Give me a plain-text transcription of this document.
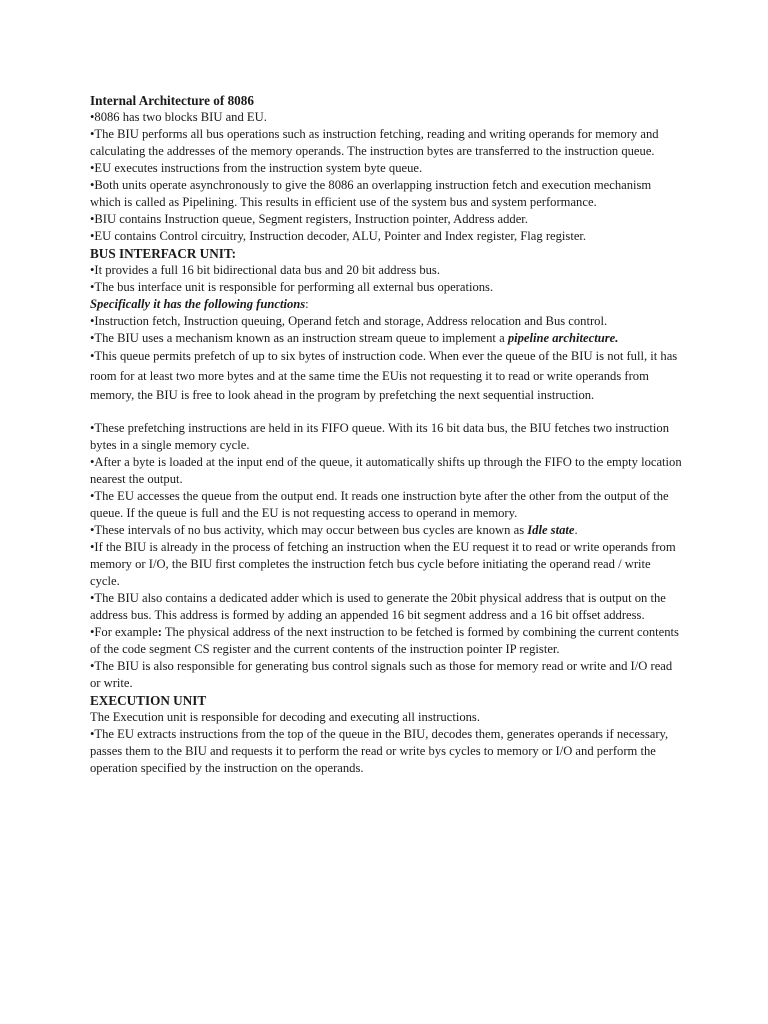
Internal Architecture of 8086

•8086 has two blocks BIU and EU.

•The BIU performs all bus operations such as instruction fetching, reading and writing operands for memory and calculating the addresses of the memory operands. The instruction bytes are transferred to the instruction queue.

•EU executes instructions from the instruction system byte queue.

•Both units operate asynchronously to give the 8086 an overlapping instruction fetch and execution mechanism which is called as Pipelining. This results in efficient use of the system bus and system performance.

•BIU contains Instruction queue, Segment registers, Instruction pointer, Address adder.

•EU contains Control circuitry, Instruction decoder, ALU, Pointer and Index register, Flag register.

BUS INTERFACR UNIT:

•It provides a full 16 bit bidirectional data bus and 20 bit address bus.

•The bus interface unit is responsible for performing all external bus operations.

Specifically it has the following functions:

•Instruction fetch, Instruction queuing, Operand fetch and storage, Address relocation and Bus control.

•The BIU uses a mechanism known as an instruction stream queue to implement a pipeline architecture.

•This queue permits prefetch of up to six bytes of instruction code. When ever the queue of the BIU is not full, it has room for at least two more bytes and at the same time the EUis not requesting it to read or write operands from memory, the BIU is free to look ahead in the program by prefetching the next sequential instruction.

•These prefetching instructions are held in its FIFO queue. With its 16 bit data bus, the BIU fetches two instruction bytes in a single memory cycle.

•After a byte is loaded at the input end of the queue, it automatically shifts up through the FIFO to the empty location nearest the output.

•The EU accesses the queue from the output end. It reads one instruction byte after the other from the output of the queue. If the queue is full and the EU is not requesting access to operand in memory.

•These intervals of no bus activity, which may occur between bus cycles are known as Idle state.

•If the BIU is already in the process of fetching an instruction when the EU request it to read or write operands from memory or I/O, the BIU first completes the instruction fetch bus cycle before initiating the operand read / write cycle.

•The BIU also contains a dedicated adder which is used to generate the 20bit physical address that is output on the address bus. This address is formed by adding an appended 16 bit segment address and a 16 bit offset address.

•For example: The physical address of the next instruction to be fetched is formed by combining the current contents of the code segment CS register and the current contents of the instruction pointer IP register.

•The BIU is also responsible for generating bus control signals such as those for memory read or write and I/O read or write.

EXECUTION UNIT

The Execution unit is responsible for decoding and executing all instructions.

•The EU extracts instructions from the top of the queue in the BIU, decodes them, generates operands if necessary, passes them to the BIU and requests it to perform the read or write bys cycles to memory or I/O and perform the operation specified by the instruction on the operands.
